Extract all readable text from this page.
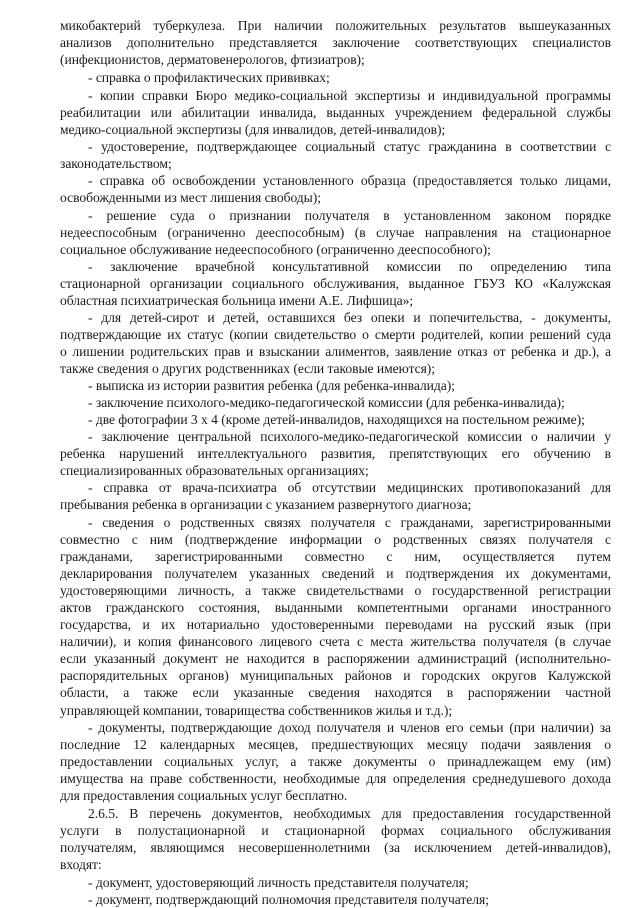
микобактерий туберкулеза. При наличии положительных результатов вышеуказанных
анализов дополнительно представляется заключение соответствующих специалистов
(инфекционистов, дерматовенерологов, фтизиатров);
- справка о профилактических прививках;
- копии справки Бюро медико-социальной экспертизы и индивидуальной программы
реабилитации или абилитации инвалида, выданных учреждением федеральной службы
медико-социальной экспертизы (для инвалидов, детей-инвалидов);
- удостоверение, подтверждающее социальный статус гражданина в соответствии с
законодательством;
- справка об освобождении установленного образца (предоставляется только лицами,
освобожденными из мест лишения свободы);
- решение суда о признании получателя в установленном законом порядке
недееспособным (ограниченно дееспособным) (в случае направления на стационарное
социальное обслуживание недееспособного (ограниченно дееспособного);
- заключение врачебной консультативной комиссии по определению типа
стационарной организации социального обслуживания, выданное ГБУЗ КО «Калужская
областная психиатрическая больница имени А.Е. Лифшица»;
- для детей-сирот и детей, оставшихся без опеки и попечительства, - документы,
подтверждающие их статус (копии свидетельство о смерти родителей, копии решений суда
о лишении родительских прав и взыскании алиментов, заявление отказ от ребенка и др.), а
также сведения о других родственниках (если таковые имеются);
- выписка из истории развития ребенка (для ребенка-инвалида);
- заключение психолого-медико-педагогической комиссии (для ребенка-инвалида);
- две фотографии 3 х 4 (кроме детей-инвалидов, находящихся на постельном режиме);
- заключение центральной психолого-медико-педагогической комиссии о наличии у
ребенка нарушений интеллектуального развития, препятствующих его обучению в
специализированных образовательных организациях;
- справка от врача-психиатра об отсутствии медицинских противопоказаний для
пребывания ребенка в организации с указанием развернутого диагноза;
- сведения о родственных связях получателя с гражданами, зарегистрированными
совместно с ним (подтверждение информации о родственных связях получателя с
гражданами, зарегистрированными совместно с ним, осуществляется путем
декларирования получателем указанных сведений и подтверждения их документами,
удостоверяющими личность, а также свидетельствами о государственной регистрации
актов гражданского состояния, выданными компетентными органами иностранного
государства, и их нотариально удостоверенными переводами на русский язык (при
наличии), и копия финансового лицевого счета с места жительства получателя (в случае
если указанный документ не находится в распоряжении администраций (исполнительно-
распорядительных органов) муниципальных районов и городских округов Калужской
области, а также если указанные сведения находятся в распоряжении частной
управляющей компании, товарищества собственников жилья и т.д.);
- документы, подтверждающие доход получателя и членов его семьи (при наличии) за
последние 12 календарных месяцев, предшествующих месяцу подачи заявления о
предоставлении социальных услуг, а также документы о принадлежащем ему (им)
имущества на праве собственности, необходимые для определения среднедушевого дохода
для предоставления социальных услуг бесплатно.
2.6.5. В перечень документов, необходимых для предоставления государственной
услуги в полустационарной и стационарной формах социального обслуживания
получателям, являющимся несовершеннолетними (за исключением детей-инвалидов),
входят:
- документ, удостоверяющий личность представителя получателя;
- документ, подтверждающий полномочия представителя получателя;
